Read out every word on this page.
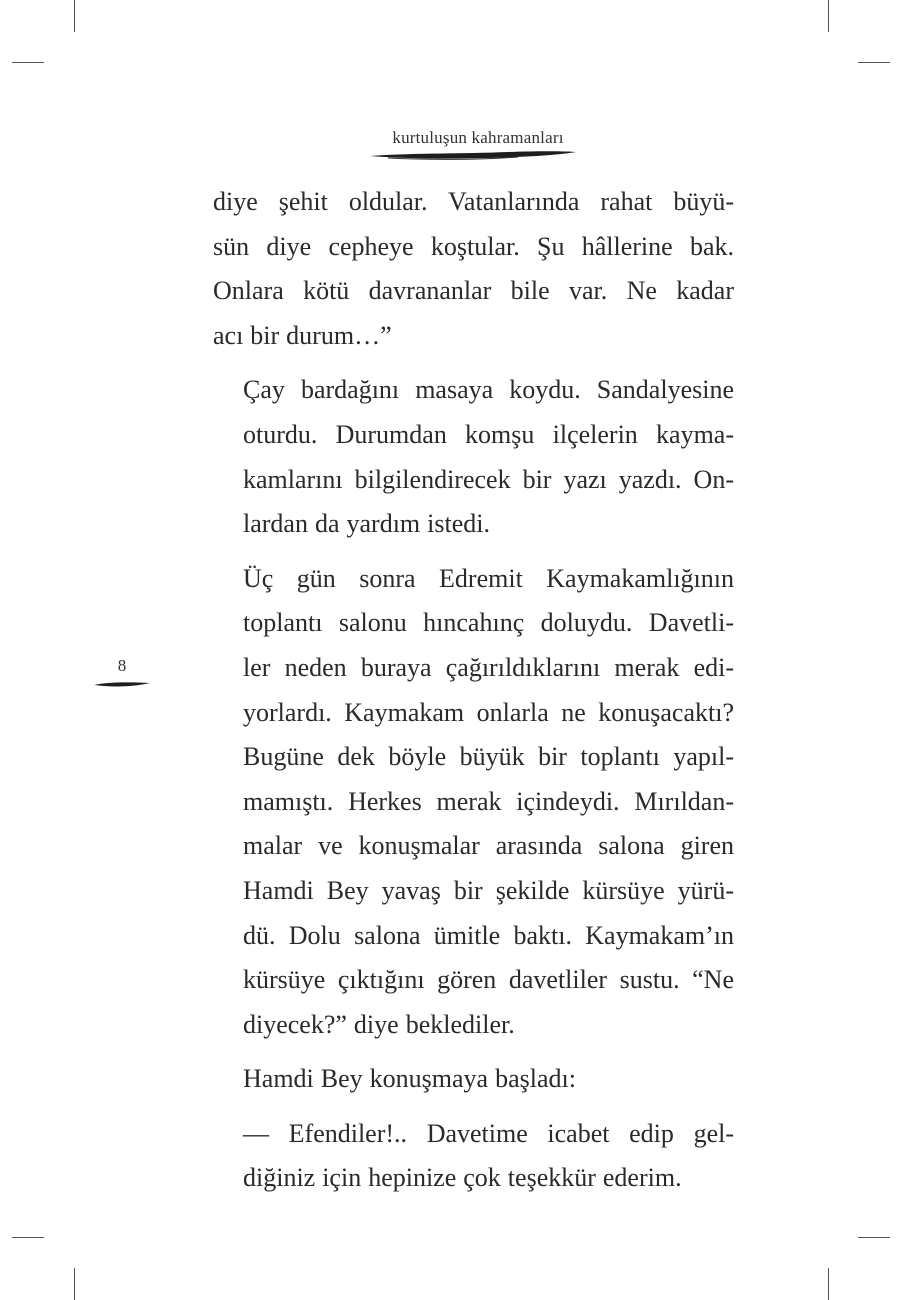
kurtuluşun kahramanları
8
diye şehit oldular. Vatanlarında rahat büyü-
sün diye cepheye koştular. Şu hâllerine bak.
Onlara kötü davrananlar bile var. Ne kadar
acı bir durum…”
Çay bardağını masaya koydu. Sandalyesine
oturdu. Durumdan komşu ilçelerin kayma-
kamlarını bilgilendirecek bir yazı yazdı. On-
lardan da yardım istedi.
Üç gün sonra Edremit Kaymakamlığının
toplantı salonu hıncahınç doluydu. Davetli-
ler neden buraya çağırıldıklarını merak edi-
yorlardı. Kaymakam onlarla ne konuşacaktı?
Bugüne dek böyle büyük bir toplantı yapıl-
mamıştı. Herkes merak içindeydi. Mırıldan-
malar ve konuşmalar arasında salona giren
Hamdi Bey yavaş bir şekilde kürsüye yürü-
dü. Dolu salona ümitle baktı. Kaymakam’ın
kürsüye çıktığını gören davetliler sustu. “Ne
diyecek?” diye beklediler.
Hamdi Bey konuşmaya başladı:
— Efendiler!.. Davetime icabet edip gel-
diğiniz için hepinize çok teşekkür ederim.
